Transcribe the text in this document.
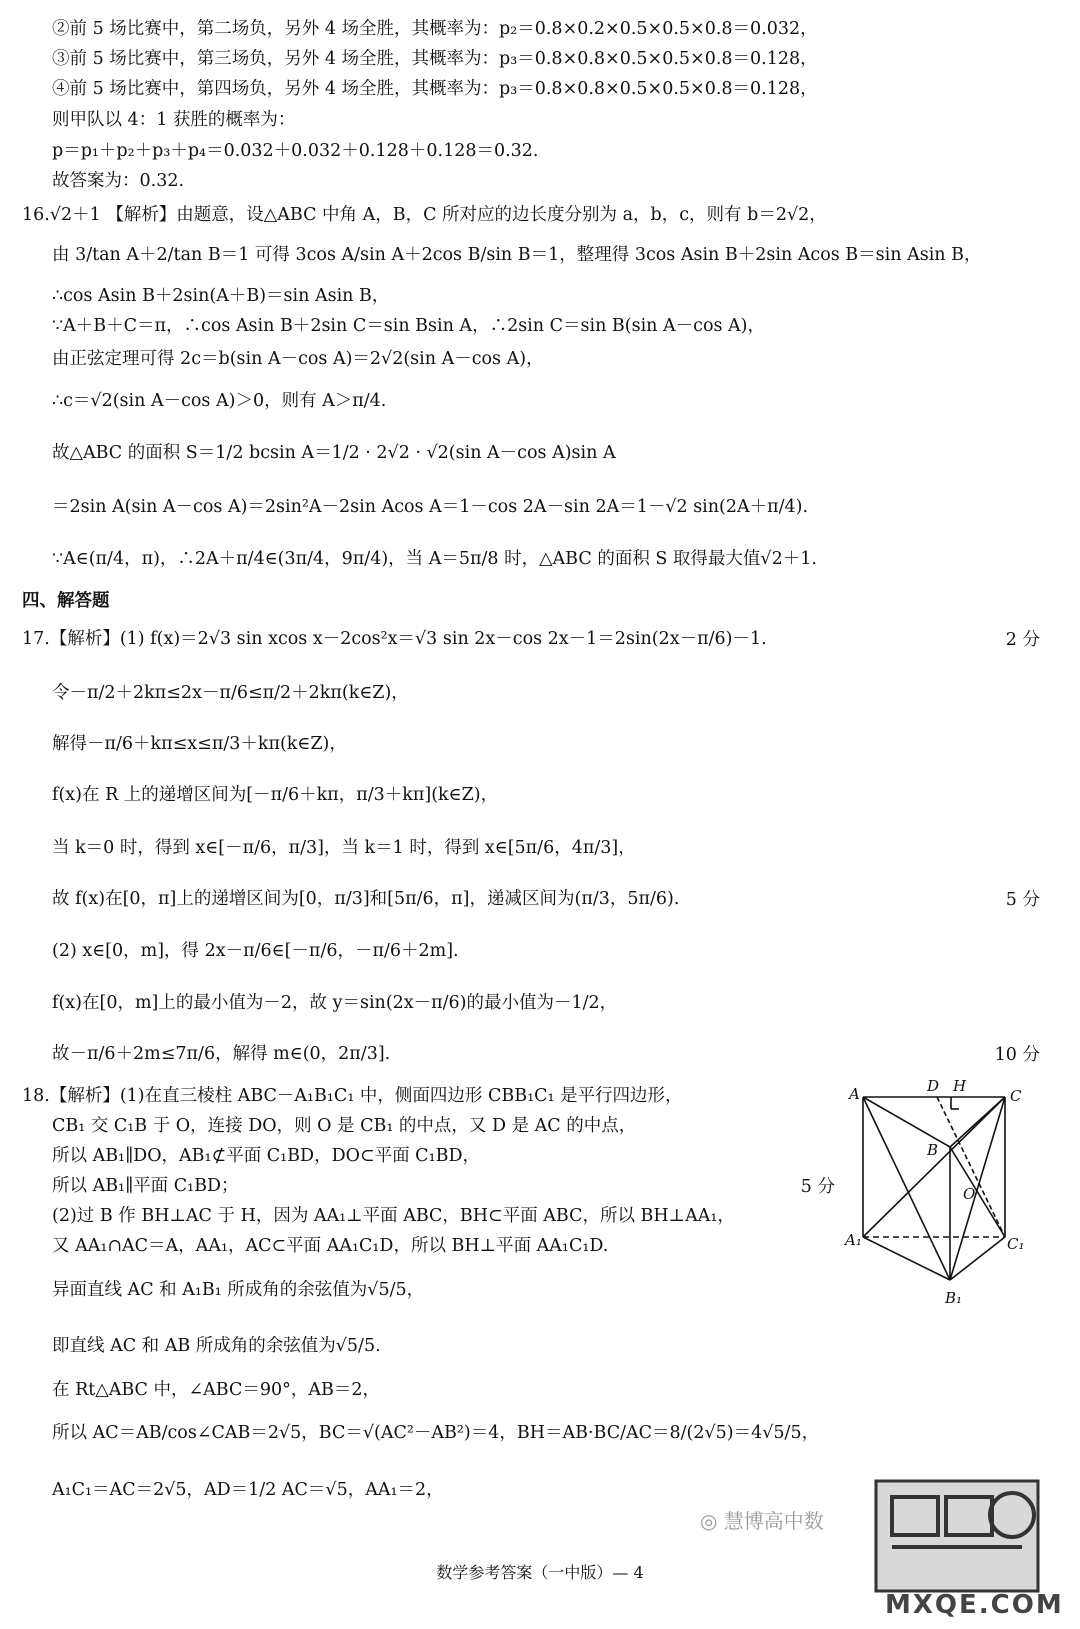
②前 5 场比赛中，第二场负，另外 4 场全胜，其概率为：p₂＝0.8×0.2×0.5×0.5×0.8＝0.032，
③前 5 场比赛中，第三场负，另外 4 场全胜，其概率为：p₃＝0.8×0.8×0.5×0.5×0.8＝0.128，
④前 5 场比赛中，第四场负，另外 4 场全胜，其概率为：p₃＝0.8×0.8×0.5×0.5×0.8＝0.128，
则甲队以 4：1 获胜的概率为：
p＝p₁＋p₂＋p₃＋p₄＝0.032＋0.032＋0.128＋0.128＝0.32.
故答案为：0.32.
16.√2＋1 【解析】由题意，设△ABC 中角 A，B，C 所对应的边长度分别为 a，b，c，则有 b＝2√2，
由 3/tan A＋2/tan B＝1 可得 3cos A/sin A＋2cos B/sin B＝1，整理得 3cos Asin B＋2sin Acos B＝sin Asin B，
∴cos Asin B＋2sin(A＋B)＝sin Asin B，
∵A＋B＋C＝π，∴cos Asin B＋2sin C＝sin Bsin A，∴2sin C＝sin B(sin A－cos A)，
由正弦定理可得 2c＝b(sin A－cos A)＝2√2(sin A－cos A)，
∴c＝√2(sin A－cos A)＞0，则有 A＞π/4.
故△ABC 的面积 S＝1/2 bcsin A＝1/2 · 2√2 · √2(sin A－cos A)sin A
＝2sin A(sin A－cos A)＝2sin²A－2sin Acos A＝1－cos 2A－sin 2A＝1－√2 sin(2A＋π/4).
∵A∈(π/4，π)，∴2A＋π/4∈(3π/4，9π/4)，当 A＝5π/8 时，△ABC 的面积 S 取得最大值√2＋1.
四、解答题
17.【解析】(1) f(x)＝2√3 sin xcos x－2cos²x＝√3 sin 2x－cos 2x－1＝2sin(2x－π/6)－1.	2 分
令－π/2＋2kπ≤2x－π/6≤π/2＋2kπ(k∈Z)，
解得－π/6＋kπ≤x≤π/3＋kπ(k∈Z)，
f(x)在 R 上的递增区间为[－π/6＋kπ，π/3＋kπ](k∈Z)，
当 k＝0 时，得到 x∈[－π/6，π/3]，当 k＝1 时，得到 x∈[5π/6，4π/3]，
故 f(x)在[0，π]上的递增区间为[0，π/3]和[5π/6，π]，递减区间为(π/3，5π/6).	5 分
(2) x∈[0，m]，得 2x－π/6∈[－π/6，－π/6＋2m].
f(x)在[0，m]上的最小值为－2，故 y＝sin(2x－π/6)的最小值为－1/2，
故－π/6＋2m≤7π/6，解得 m∈(0，2π/3].	10 分
18.【解析】(1)在直三棱柱 ABC－A₁B₁C₁ 中，侧面四边形 CBB₁C₁ 是平行四边形，
CB₁ 交 C₁B 于 O，连接 DO，则 O 是 CB₁ 的中点，又 D 是 AC 的中点，
所以 AB₁∥DO，AB₁⊄平面 C₁BD，DO⊂平面 C₁BD，
所以 AB₁∥平面 C₁BD；	5 分
(2)过 B 作 BH⊥AC 于 H，因为 AA₁⊥平面 ABC，BH⊂平面 ABC，所以 BH⊥AA₁，
又 AA₁∩AC＝A，AA₁，AC⊂平面 AA₁C₁D，所以 BH⊥平面 AA₁C₁D.
异面直线 AC 和 A₁B₁ 所成角的余弦值为√5/5，
即直线 AC 和 AB 所成角的余弦值为√5/5.
在 Rt△ABC 中，∠ABC＝90°，AB＝2，
所以 AC＝AB/cos∠CAB＝2√5，BC＝√(AC²－AB²)＝4，BH＝AB·BC/AC＝8/(2√5)＝4√5/5，
A₁C₁＝AC＝2√5，AD＝1/2 AC＝√5，AA₁＝2，
D H
A	C
B
O
A₁	C₁
B₁
数学参考答案（一中版）— 4
◎ 慧博高中数
MXQE.COM
